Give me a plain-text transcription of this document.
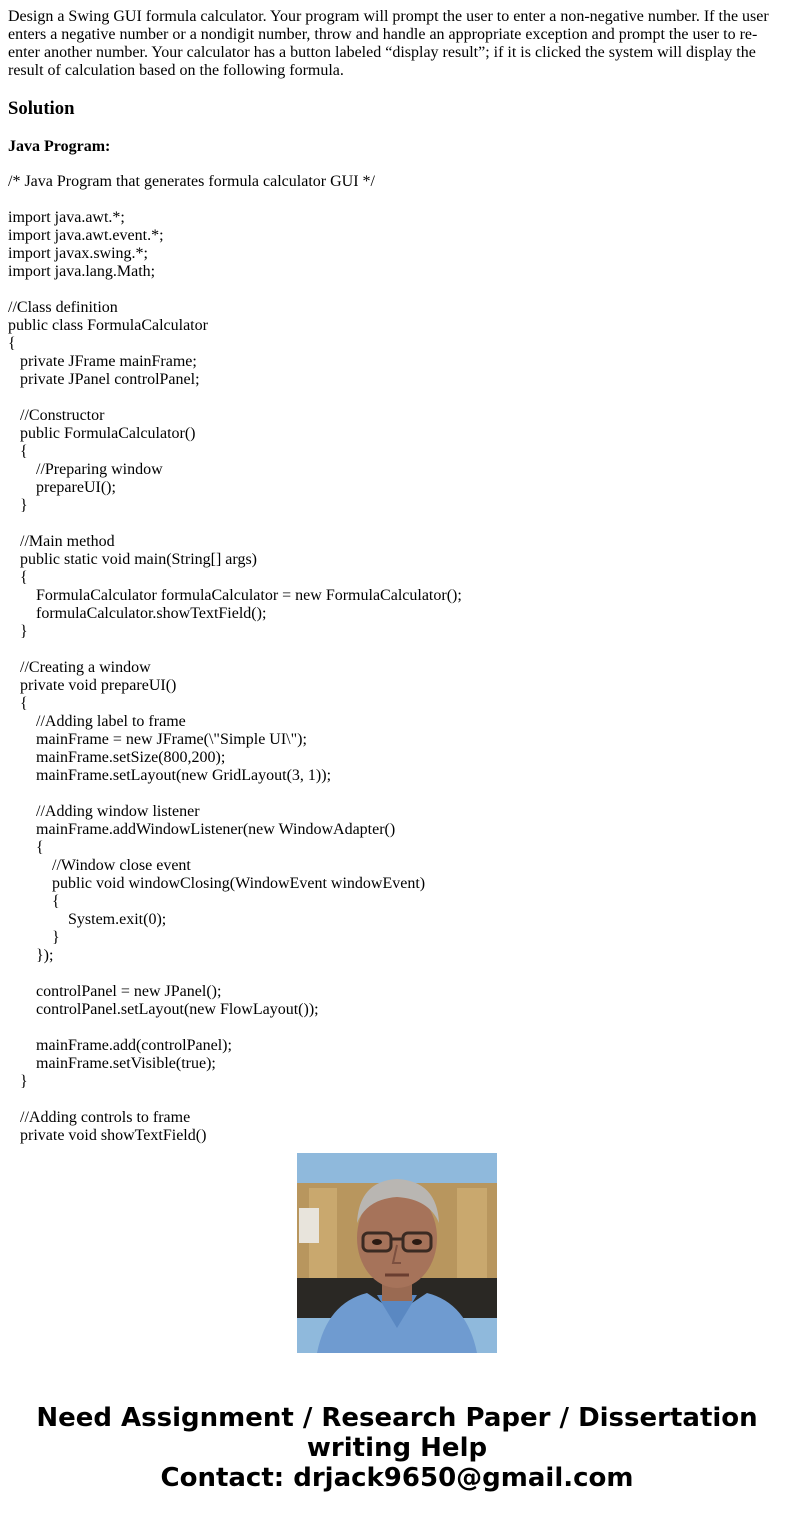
Design a Swing GUI formula calculator. Your program will prompt the user to enter a non-negative number. If the user enters a negative number or a nondigit number, throw and handle an appropriate exception and prompt the user to re-enter another number. Your calculator has a button labeled “display result”; if it is clicked the system will display the result of calculation based on the following formula.

Solution
Java Program:
/* Java Program that generates formula calculator GUI */
import java.awt.*;
import java.awt.event.*;
import javax.swing.*;
import java.lang.Math;
//Class definition
public class FormulaCalculator
{
private JFrame mainFrame;
private JPanel controlPanel;
//Constructor
public FormulaCalculator()
{
//Preparing window
prepareUI();
}
//Main method
public static void main(String[] args)
{
FormulaCalculator formulaCalculator = new FormulaCalculator();
formulaCalculator.showTextField();
}
//Creating a window
private void prepareUI()
{
//Adding label to frame
mainFrame = new JFrame(\"Simple UI\");
mainFrame.setSize(800,200);
mainFrame.setLayout(new GridLayout(3, 1));
//Adding window listener
mainFrame.addWindowListener(new WindowAdapter()
{
//Window close event
public void windowClosing(WindowEvent windowEvent)
{
System.exit(0);
}
});
controlPanel = new JPanel();
controlPanel.setLayout(new FlowLayout());
mainFrame.add(controlPanel);
mainFrame.setVisible(true);
}
//Adding controls to frame
private void showTextField()
Need Assignment / Research Paper / Dissertation
writing Help
Contact: drjack9650@gmail.com
